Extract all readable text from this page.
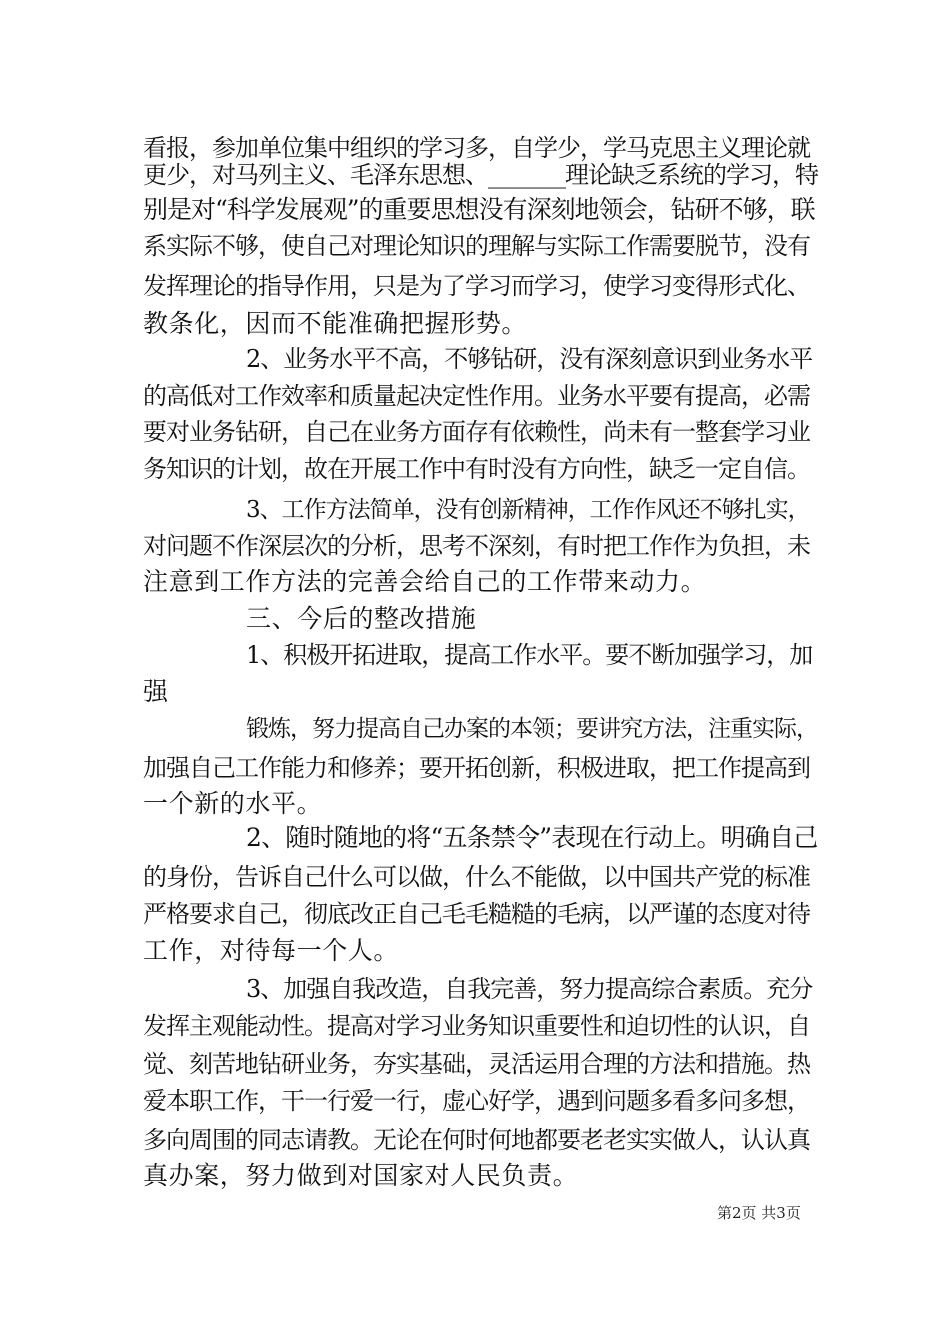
看报，参加单位集中组织的学习多，自学少，学马克思主义理论就
更少，对马列主义、毛泽东思想、_______理论缺乏系统的学习，特
别是对“科学发展观”的重要思想没有深刻地领会，钻研不够，联
系实际不够，使自己对理论知识的理解与实际工作需要脱节，没有
发挥理论的指导作用，只是为了学习而学习，使学习变得形式化、
教条化，因而不能准确把握形势。
2、业务水平不高，不够钻研，没有深刻意识到业务水平
的高低对工作效率和质量起决定性作用。业务水平要有提高，必需
要对业务钻研，自己在业务方面存有依赖性，尚未有一整套学习业
务知识的计划，故在开展工作中有时没有方向性，缺乏一定自信。
3、工作方法简单，没有创新精神，工作作风还不够扎实，
对问题不作深层次的分析，思考不深刻，有时把工作作为负担，未
注意到工作方法的完善会给自己的工作带来动力。
三、今后的整改措施
1、积极开拓进取，提高工作水平。要不断加强学习，加
强
锻炼，努力提高自己办案的本领；要讲究方法，注重实际，
加强自己工作能力和修养；要开拓创新，积极进取，把工作提高到
一个新的水平。
2、随时随地的将“五条禁令”表现在行动上。明确自己
的身份，告诉自己什么可以做，什么不能做，以中国共产党的标准
严格要求自己，彻底改正自己毛毛糙糙的毛病，以严谨的态度对待
工作，对待每一个人。
3、加强自我改造，自我完善，努力提高综合素质。充分
发挥主观能动性。提高对学习业务知识重要性和迫切性的认识，自
觉、刻苦地钻研业务，夯实基础，灵活运用合理的方法和措施。热
爱本职工作，干一行爱一行，虚心好学，遇到问题多看多问多想，
多向周围的同志请教。无论在何时何地都要老老实实做人，认认真
真办案，努力做到对国家对人民负责。
第2页 共3页
